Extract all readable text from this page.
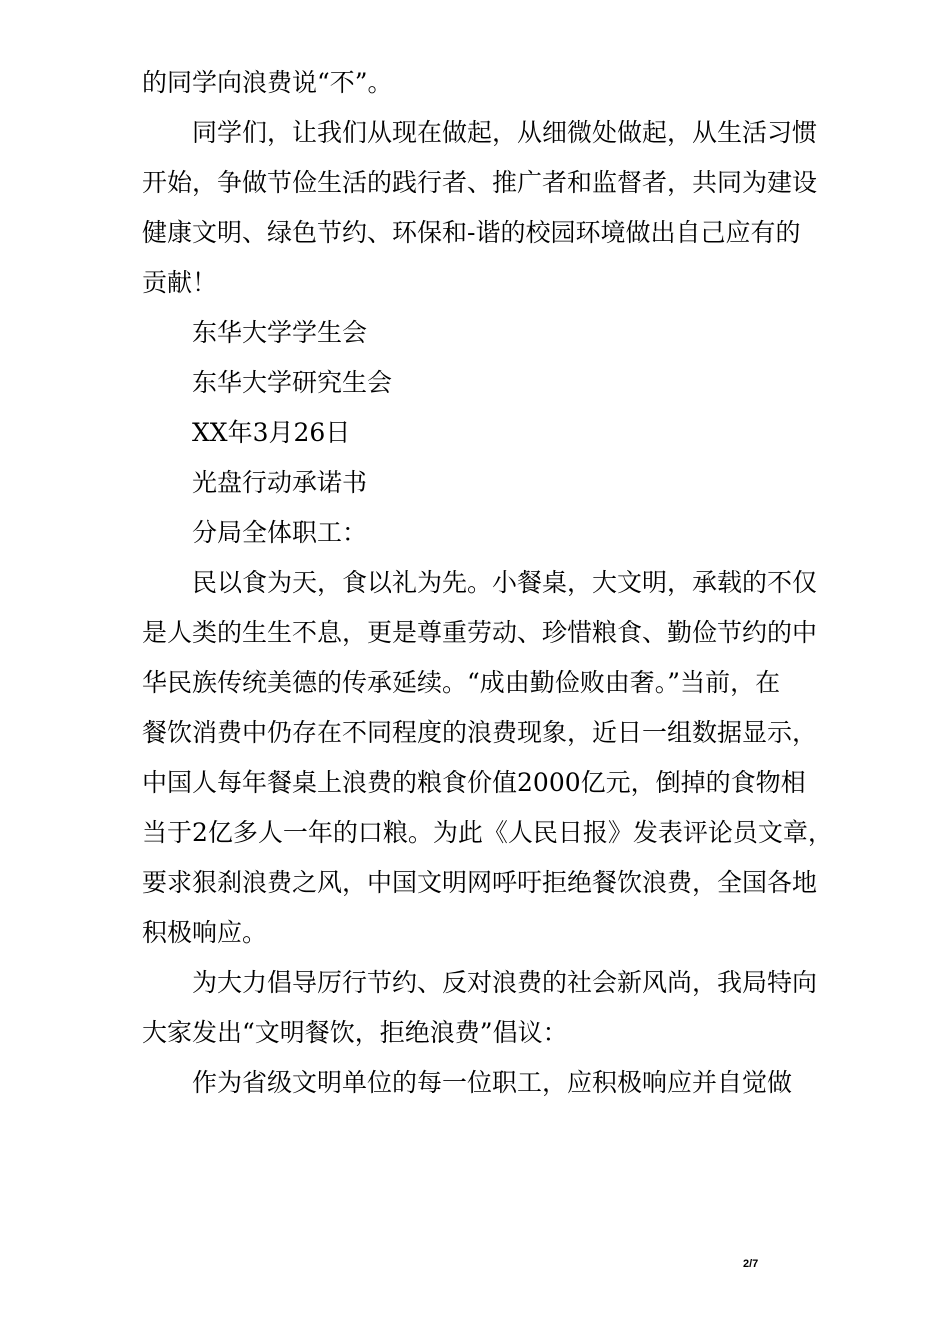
的同学向浪费说“不”。

同学们，让我们从现在做起，从细微处做起，从生活习惯

开始，争做节俭生活的践行者、推广者和监督者，共同为建设

健康文明、绿色节约、环保和-谐的校园环境做出自己应有的

贡献！

东华大学学生会

东华大学研究生会

XX年3月26日

光盘行动承诺书

分局全体职工：

民以食为天，食以礼为先。小餐桌，大文明，承载的不仅

是人类的生生不息，更是尊重劳动、珍惜粮食、勤俭节约的中

华民族传统美德的传承延续。“成由勤俭败由奢。”当前，在

餐饮消费中仍存在不同程度的浪费现象，近日一组数据显示，

中国人每年餐桌上浪费的粮食价值2000亿元，倒掉的食物相

当于2亿多人一年的口粮。为此《人民日报》发表评论员文章，

要求狠刹浪费之风，中国文明网呼吁拒绝餐饮浪费，全国各地

积极响应。

为大力倡导厉行节约、反对浪费的社会新风尚，我局特向

大家发出“文明餐饮，拒绝浪费”倡议：

作为省级文明单位的每一位职工，应积极响应并自觉做

2/7
